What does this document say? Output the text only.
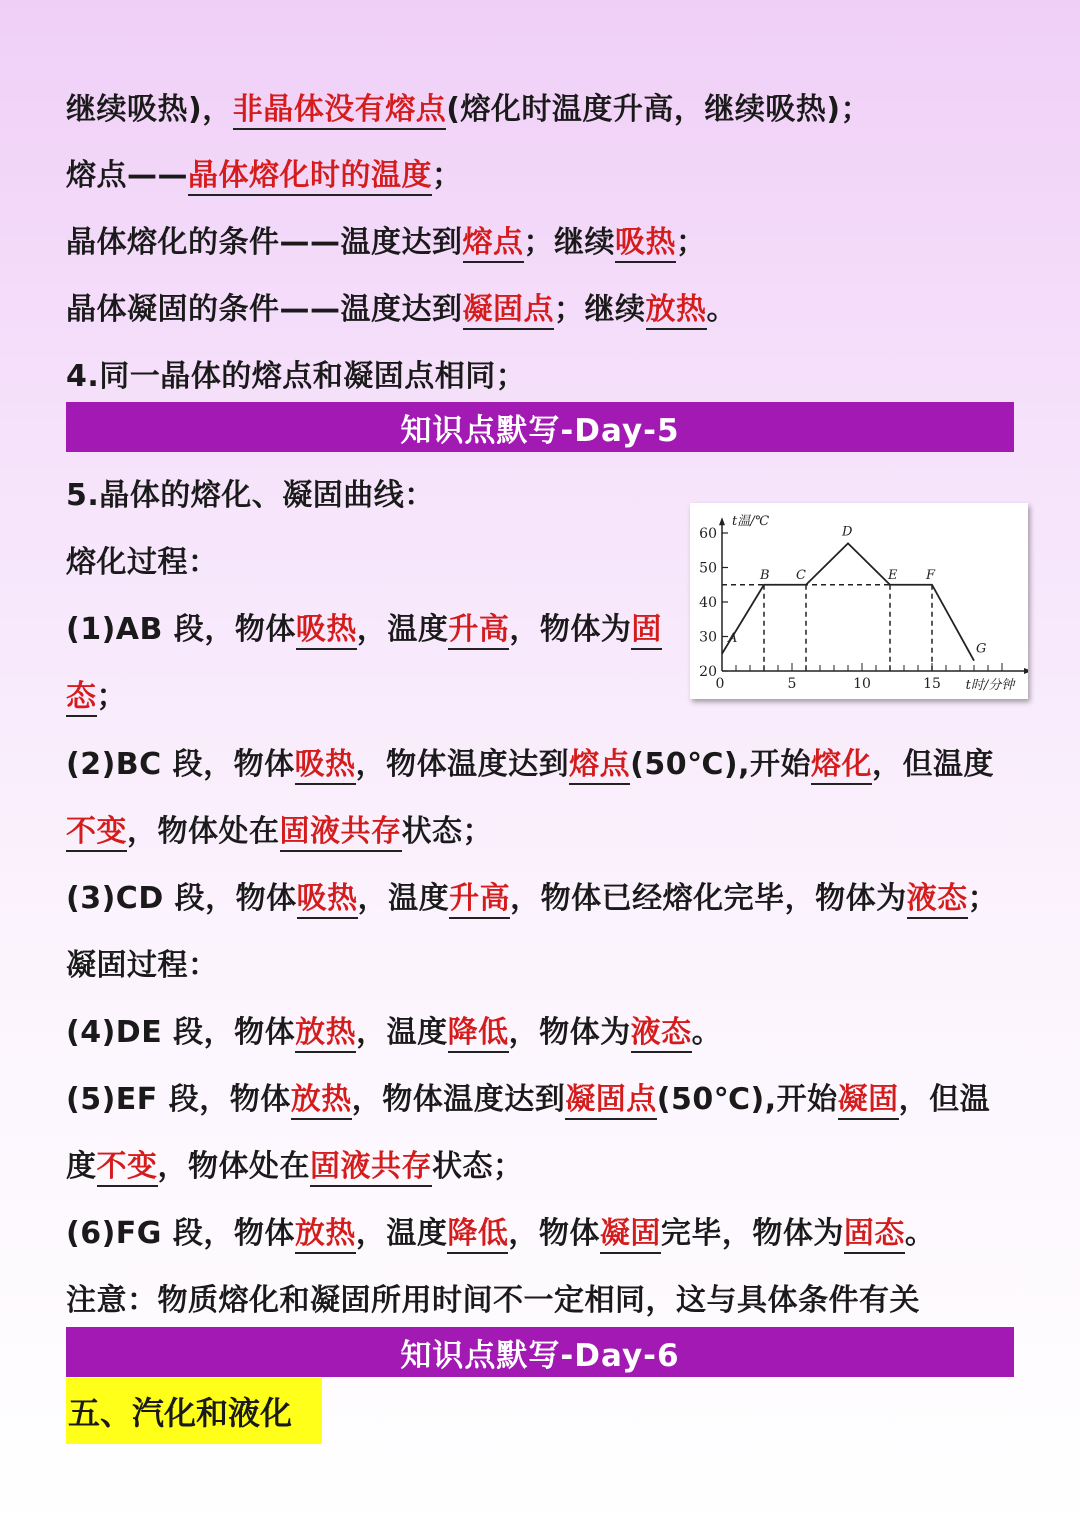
继续吸热)，非晶体没有熔点(熔化时温度升高，继续吸热)；
熔点——晶体熔化时的温度；
晶体熔化的条件——温度达到熔点；继续吸热；
晶体凝固的条件——温度达到凝固点；继续放热。
4.同一晶体的熔点和凝固点相同；
知识点默写-Day-5
5.晶体的熔化、凝固曲线：
熔化过程：
(1)AB 段，物体吸热，温度升高，物体为固
态；
(2)BC 段，物体吸热，物体温度达到熔点(50℃),开始熔化，但温度
不变，物体处在固液共存状态；
(3)CD 段，物体吸热，温度升高，物体已经熔化完毕，物体为液态；
凝固过程：
(4)DE 段，物体放热，温度降低，物体为液态。
(5)EF 段，物体放热，物体温度达到凝固点(50℃),开始凝固，但温
度不变，物体处在固液共存状态；
(6)FG 段，物体放热，温度降低，物体凝固完毕，物体为固态。
注意：物质熔化和凝固所用时间不一定相同，这与具体条件有关
知识点默写-Day-6
五、汽化和液化
20
30
40
50
60
0	5	10	15
t温/℃
t时/分钟
A
B C
D
E F
G
